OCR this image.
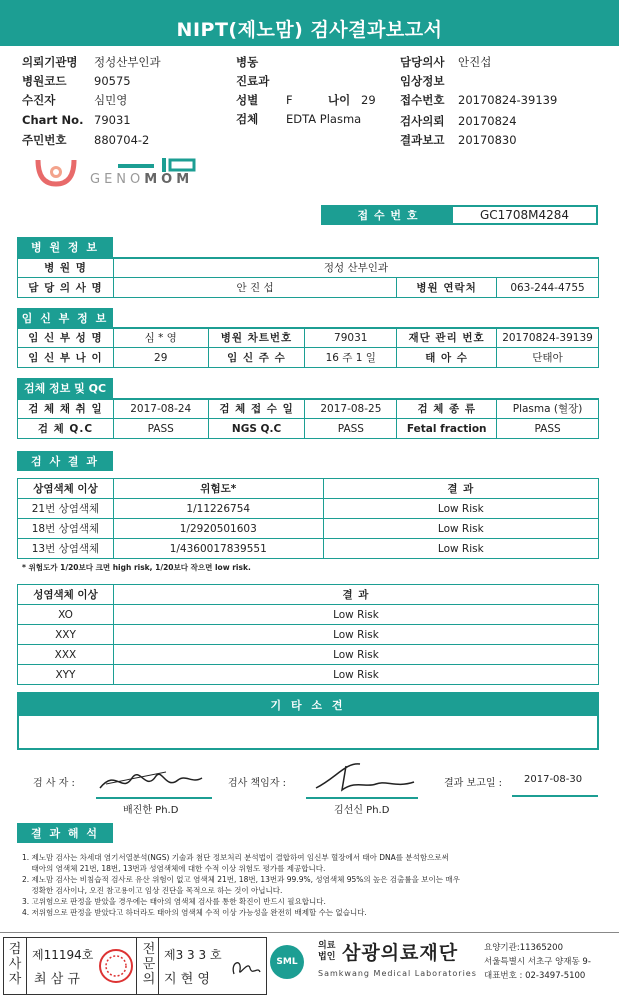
NIPT(제노맘) 검사결과보고서
의뢰기관명 정성산부인과
병원코드 90575
수진자	심민영
Chart No. 79031
주민번호 880704-2
병동
진료과
성별 F	나이 29
검체 EDTA Plasma
담당의사 안진섭
임상정보
접수번호 20170824-39139
검사의뢰 20170824
결과보고 20170830
GENOMOM
접 수 번 호	GC1708M4284
병 원 정 보
병 원 명	정성 산부인과		
담 당 의 사 명	안 진 섭	병원 연락처	063-244-4755
임 신 부 정 보
임 신 부 성 명	심 * 영	병원 차트번호	79031	재단 관리 번호	20170824-39139
임 신 부 나 이	29	임 신 주 수	16 주 1 일	태 아 수	단태아
검체 정보 및 QC
검 체 채 취 일	2017-08-24	검 체 접 수 일	2017-08-25	검 체 종 류	Plasma (혈장)
검 체 Q.C	PASS	NGS Q.C	PASS	Fetal fraction	PASS
검 사 결 과
상염색체 이상	위험도*	결 과
21번 상염색체	1/11226754	Low Risk
18번 상염색체	1/2920501603	Low Risk
13번 상염색체	1/4360017839551	Low Risk
* 위험도가 1/20보다 크면 high risk, 1/20보다 작으면 low risk.
성염색체 이상	결 과
XO	Low Risk
XXY	Low Risk
XXX	Low Risk
XYY	Low Risk
기 타 소 견
검 사 자 :
배진한 Ph.D
검사 책임자 :
김선신 Ph.D
결과 보고일 : 2017-08-30
결 과 해 석
1. 제노맘 검사는 차세대 염기서열분석(NGS) 기술과 첨단 정보처리 분석법이 결합하여 임신부 혈장에서 태아 DNA를 분석함으로써
태아의 염색체 21번, 18번, 13번과 성염색체에 대한 수적 이상 위험도 평가를 제공합니다.
2. 제노맘 검사는 비침습적 검사로 유산 위험이 없고 염색체 21번, 18번, 13번과 99.9%, 성염색체 95%의 높은 검출률을 보이는 매우
정확한 검사이나, 오진 참고용이고 임상 진단을 목적으로 하는 것이 아닙니다.
3. 고위험으로 판정을 받았을 경우에는 태아의 염색체 검사를 통한 확진이 반드시 필요합니다.
4. 저위험으로 판정을 받았다고 하더라도 태아의 염색체 수적 이상 가능성을 완전히 배제할 수는 없습니다.
검사자
제11194호
최 삼 규
전문의
제3 3 3 호
지 현 영
SML
의료
법인 삼광의료재단
Samkwang Medical Laboratories
요양기관:11365200
서울특별시 서초구 양재동 9-
대표번호 : 02-3497-5100
